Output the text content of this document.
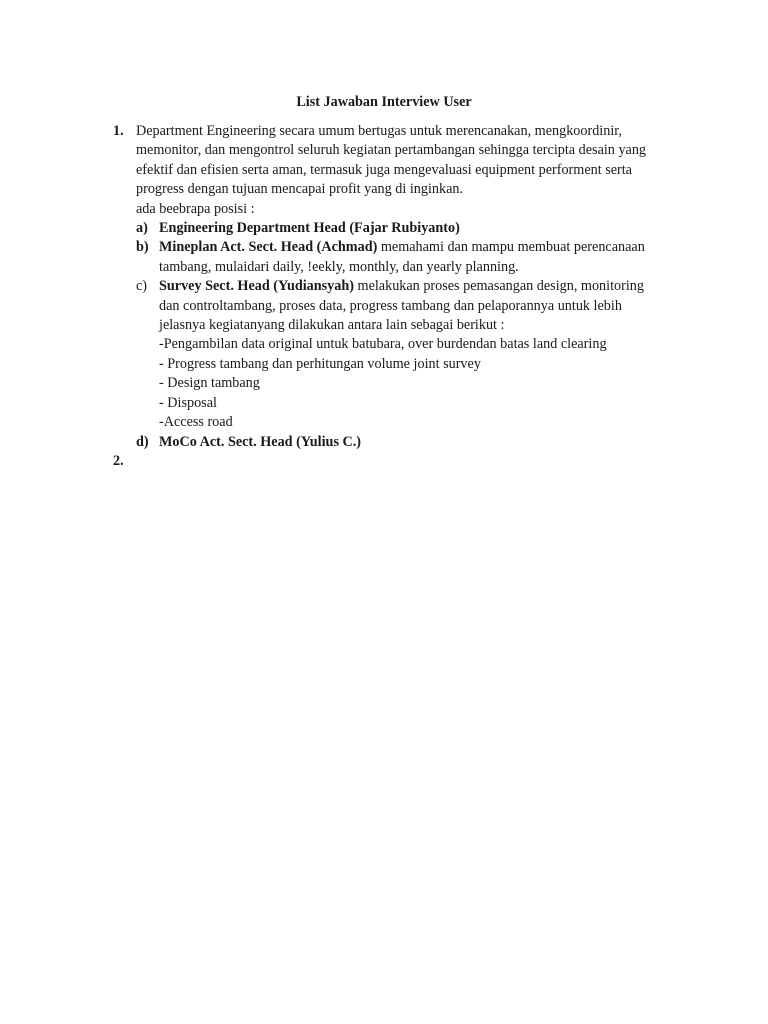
List Jawaban Interview User
1. Department Engineering secara umum bertugas untuk merencanakan, mengkoordinir,

memonitor, dan mengontrol seluruh kegiatan pertambangan sehingga tercipta desain yang

efektif dan efisien serta aman, termasuk juga mengevaluasi equipment performent serta

progress dengan tujuan mencapai profit yang di inginkan.

ada beebrapa posisi :

a) Engineering Department Head (Fajar Rubiyanto)
b) Mineplan Act. Sect. Head (Achmad) memahami dan mampu membuat perencanaan
tambang, mulaidari daily, !eekly, monthly, dan yearly planning.
c) Survey Sect. Head (Yudiansyah) melakukan proses pemasangan design, monitoring
dan controltambang, proses data, progress tambang dan pelaporannya untuk lebih
jelasnya kegiatanyang dilakukan antara lain sebagai berikut :
-Pengambilan data original untuk batubara, over burdendan batas land clearing
- Progress tambang dan perhitungan volume joint survey
- Design tambang
- Disposal
-Access road
d) MoCo Act. Sect. Head (Yulius C.)
2.
